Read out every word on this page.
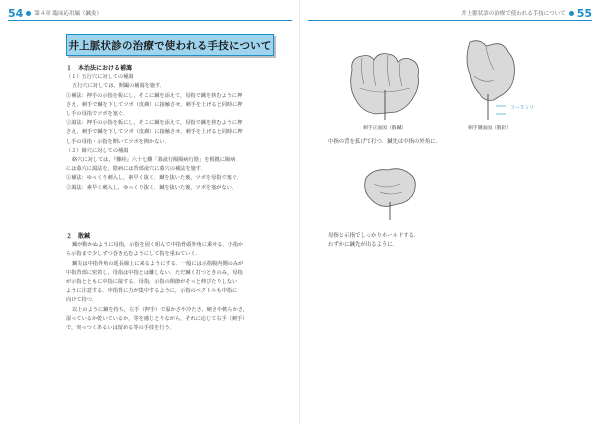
54 第４章 臨床応用編（鍼灸）
井上脈状診の治療で使われる手技について
１　本治法における補瀉
（１）五行穴に対しての補瀉
五行穴に対しては，開闔の補瀉を施す．
①補法：押手の示指を板にし，そこに鍼を添えて，母指で鍼を挟むように押
さえ，刺手で鍼を下してツボ（皮膚）に接触させ，刺手を上げると同時に押
し手の母指でツボを塞ぐ．
②瀉法：押手の示指を板にし，そこに鍼を添えて，母指で鍼を挟むように押
さえ，刺手で鍼を下してツボ（皮膚）に接触させ，刺手を上げると同時に押
し手の母指・示指を開いてツボを開かない．
（２）絡穴に対しての補瀉
絡穴に対しては，『難経』六十七難「募兪行陽陽病行陰」を根拠に陽病
には募穴に瀉法を，陰病には背部兪穴に募穴の補法を施す．
①補法：ゆっくり刺入し，素早く抜く．鍼を抜いた後，ツボを母指で塞ぐ．
②瀉法：素早く刺入し，ゆっくり抜く．鍼を抜いた後，ツボを塞がない．
２　散鍼
鍼が動かぬように母指，示指を固く組んで中指骨頭外角に乗せる．小指か
ら示指まで少しずつ巻き込むようにして指を重ねていく．
鍼尖は中指外角の延長線上に来るようにする．一般には示指腹内側のみが
中指背部に密着し，母指は中指とは離しない．ただ鍼く打つときのみ，母指
が示指とともに中指に接する．母指，示指の関節がそっと伸びたりしない
ように注意する．中指背に力が集中するように，示指のベクトルも中指に
向けて持つ．
以上のように鍼を持ち，左手（押手）で温かさや冷たさ，硬さや軟らかさ，
湿っているか乾いているか，等を感じとりながら，それに応じて右手（刺手）
で，突っつくあるいは留める等の手技を行う．
井上脈状診の治療で使われる手技について 55
刺手正面図（散鍼）
３～５ミリ
刺手側面図（散針）
中指の背を拡げて打つ．鍼先は中指の外角に．
母指と示指でしっかりホールドする．
わずかに鍼先が出るように．
